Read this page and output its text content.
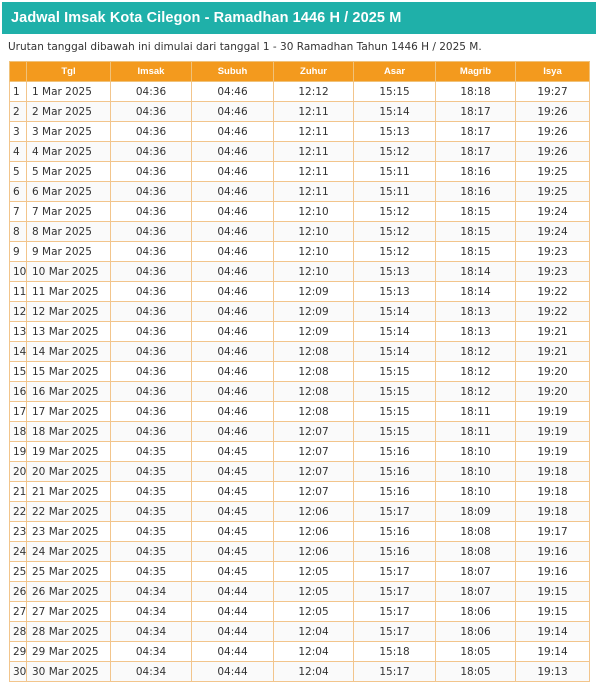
Jadwal Imsak Kota Cilegon - Ramadhan 1446 H / 2025 M
Urutan tanggal dibawah ini dimulai dari tanggal 1 - 30 Ramadhan Tahun 1446 H / 2025 M.
	Tgl	Imsak	Subuh	Zuhur	Asar	Magrib	Isya
1	1 Mar 2025	04:36	04:46	12:12	15:15	18:18	19:27
2	2 Mar 2025	04:36	04:46	12:11	15:14	18:17	19:26
3	3 Mar 2025	04:36	04:46	12:11	15:13	18:17	19:26
4	4 Mar 2025	04:36	04:46	12:11	15:12	18:17	19:26
5	5 Mar 2025	04:36	04:46	12:11	15:11	18:16	19:25
6	6 Mar 2025	04:36	04:46	12:11	15:11	18:16	19:25
7	7 Mar 2025	04:36	04:46	12:10	15:12	18:15	19:24
8	8 Mar 2025	04:36	04:46	12:10	15:12	18:15	19:24
9	9 Mar 2025	04:36	04:46	12:10	15:12	18:15	19:23
10	10 Mar 2025	04:36	04:46	12:10	15:13	18:14	19:23
11	11 Mar 2025	04:36	04:46	12:09	15:13	18:14	19:22
12	12 Mar 2025	04:36	04:46	12:09	15:14	18:13	19:22
13	13 Mar 2025	04:36	04:46	12:09	15:14	18:13	19:21
14	14 Mar 2025	04:36	04:46	12:08	15:14	18:12	19:21
15	15 Mar 2025	04:36	04:46	12:08	15:15	18:12	19:20
16	16 Mar 2025	04:36	04:46	12:08	15:15	18:12	19:20
17	17 Mar 2025	04:36	04:46	12:08	15:15	18:11	19:19
18	18 Mar 2025	04:36	04:46	12:07	15:15	18:11	19:19
19	19 Mar 2025	04:35	04:45	12:07	15:16	18:10	19:19
20	20 Mar 2025	04:35	04:45	12:07	15:16	18:10	19:18
21	21 Mar 2025	04:35	04:45	12:07	15:16	18:10	19:18
22	22 Mar 2025	04:35	04:45	12:06	15:17	18:09	19:18
23	23 Mar 2025	04:35	04:45	12:06	15:16	18:08	19:17
24	24 Mar 2025	04:35	04:45	12:06	15:16	18:08	19:16
25	25 Mar 2025	04:35	04:45	12:05	15:17	18:07	19:16
26	26 Mar 2025	04:34	04:44	12:05	15:17	18:07	19:15
27	27 Mar 2025	04:34	04:44	12:05	15:17	18:06	19:15
28	28 Mar 2025	04:34	04:44	12:04	15:17	18:06	19:14
29	29 Mar 2025	04:34	04:44	12:04	15:18	18:05	19:14
30	30 Mar 2025	04:34	04:44	12:04	15:17	18:05	19:13
